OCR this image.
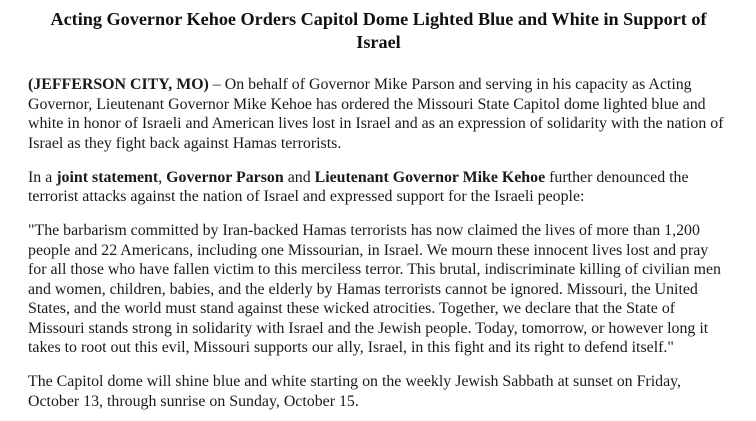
Acting Governor Kehoe Orders Capitol Dome Lighted Blue and White in Support of Israel

(JEFFERSON CITY, MO) – On behalf of Governor Mike Parson and serving in his capacity as Acting Governor, Lieutenant Governor Mike Kehoe has ordered the Missouri State Capitol dome lighted blue and white in honor of Israeli and American lives lost in Israel and as an expression of solidarity with the nation of Israel as they fight back against Hamas terrorists.

In a joint statement, Governor Parson and Lieutenant Governor Mike Kehoe further denounced the terrorist attacks against the nation of Israel and expressed support for the Israeli people:

"The barbarism committed by Iran-backed Hamas terrorists has now claimed the lives of more than 1,200 people and 22 Americans, including one Missourian, in Israel. We mourn these innocent lives lost and pray for all those who have fallen victim to this merciless terror. This brutal, indiscriminate killing of civilian men and women, children, babies, and the elderly by Hamas terrorists cannot be ignored. Missouri, the United States, and the world must stand against these wicked atrocities. Together, we declare that the State of Missouri stands strong in solidarity with Israel and the Jewish people. Today, tomorrow, or however long it takes to root out this evil, Missouri supports our ally, Israel, in this fight and its right to defend itself."

The Capitol dome will shine blue and white starting on the weekly Jewish Sabbath at sunset on Friday, October 13, through sunrise on Sunday, October 15.
